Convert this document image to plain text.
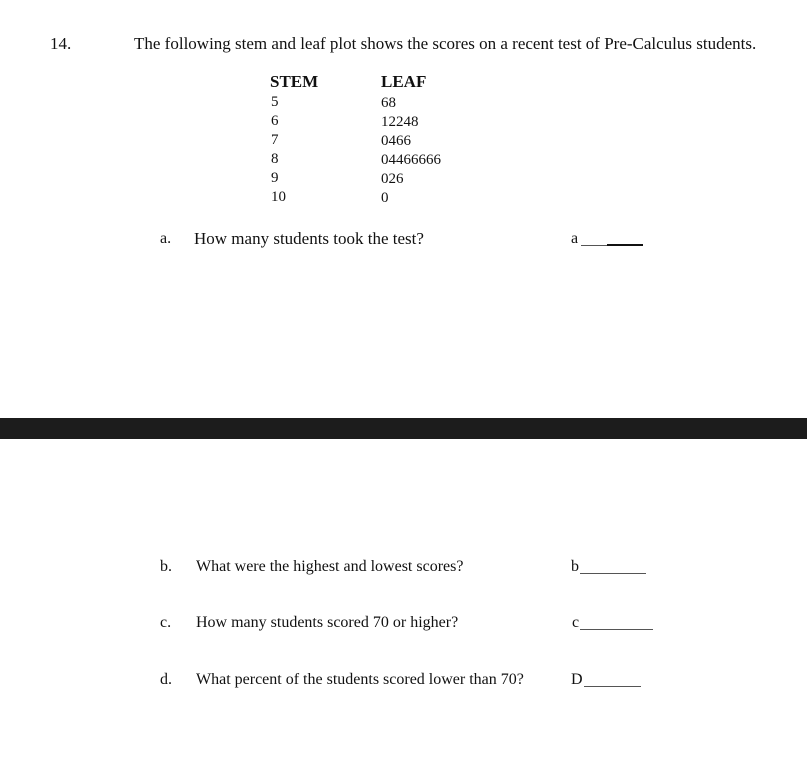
14.	The following stem and leaf plot shows the scores on a recent test of Pre-Calculus students.
STEM	LEAF
5	68
6	12248
7	0466
8	04466666
9	026
10	0
a. How many students took the test?	a
b. What were the highest and lowest scores?	b
c. How many students scored 70 or higher?	c
d. What percent of the students scored lower than 70?	D
